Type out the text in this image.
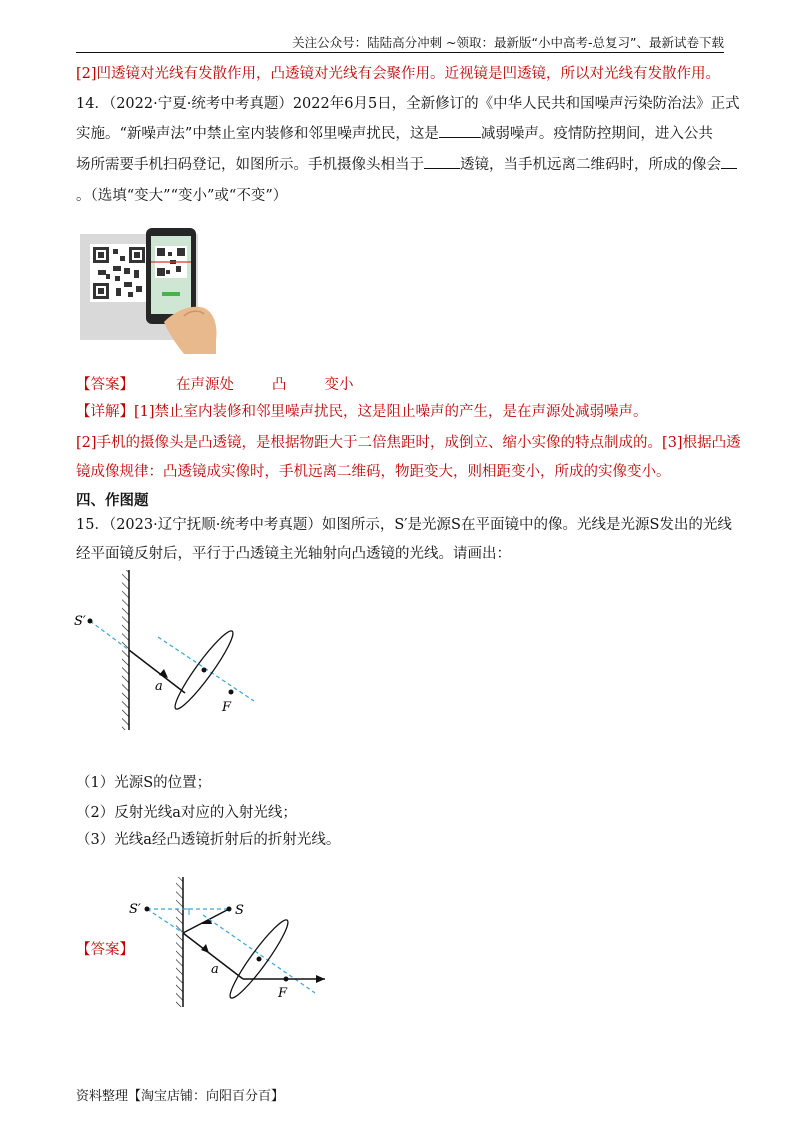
关注公众号：陆陆高分冲刺 ~领取：最新版“小中高考-总复习”、最新试卷下载
[2]凹透镜对光线有发散作用，凸透镜对光线有会聚作用。近视镜是凹透镜，所以对光线有发散作用。
14．（2022·宁夏·统考中考真题）2022年6月5日，全新修订的《中华人民共和国噪声污染防治法》正式
实施。“新噪声法”中禁止室内装修和邻里噪声扰民，这是	减弱噪声。疫情防控期间，进入公共
场所需要手机扫码登记，如图所示。手机摄像头相当于 透镜，当手机远离二维码时，所成的像会
。（选填“变大”“变小”或“不变”）
【答案】	在声源处	凸	变小
【详解】[1]禁止室内装修和邻里噪声扰民，这是阻止噪声的产生，是在声源处减弱噪声。
[2]手机的摄像头是凸透镜，是根据物距大于二倍焦距时，成倒立、缩小实像的特点制成的。[3]根据凸透
镜成像规律：凸透镜成实像时，手机远离二维码，物距变大，则相距变小，所成的实像变小。
四、作图题
15．（2023·辽宁抚顺·统考中考真题）如图所示，S′是光源S在平面镜中的像。光线是光源S发出的光线
经平面镜反射后，平行于凸透镜主光轴射向凸透镜的光线。请画出：
S′
a
F
（1）光源S的位置；
（2）反射光线a对应的入射光线；
（3）光线a经凸透镜折射后的折射光线。
【答案】
S′	S
a
F
资料整理【淘宝店铺：向阳百分百】
